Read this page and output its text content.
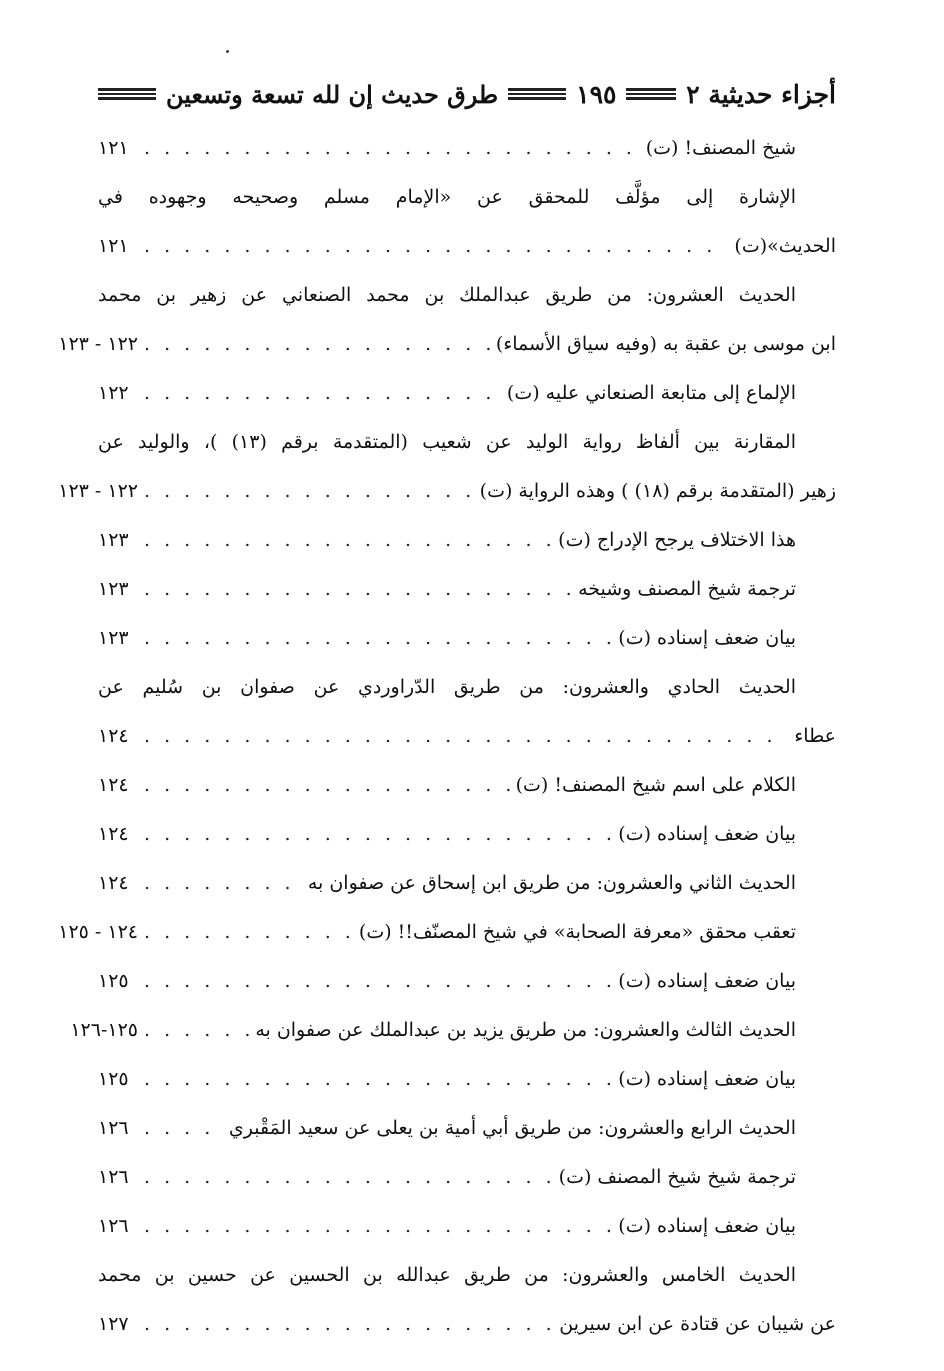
أجزاء حديثية ٢
١٩٥
طرق حديث إن لله تسعة وتسعين
شيخ المصنف! (ت)
. . .
١٢١
الإشارة إلى مؤلَّف للمحقق عن «الإمام مسلم وصحيحه وجهوده في
الحديث»(ت)
. . .
١٢١
الحديث العشرون: من طريق عبدالملك بن محمد الصنعاني عن زهير بن محمد
ابن موسى بن عقبة به (وفيه سياق الأسماء)
. . .
١٢٢ - ١٢٣
الإلماع إلى متابعة الصنعاني عليه (ت)
. . .
١٢٢
المقارنة بين ألفاظ رواية الوليد عن شعيب (المتقدمة برقم (١٣) )، والوليد عن
زهير (المتقدمة برقم (١٨) ) وهذه الرواية (ت)
. . .
١٢٢ - ١٢٣
هذا الاختلاف يرجح الإدراج (ت)
. . .
١٢٣
ترجمة شيخ المصنف وشيخه
. . .
١٢٣
بيان ضعف إسناده (ت)
. . .
١٢٣
الحديث الحادي والعشرون: من طريق الدّراوردي عن صفوان بن سُليم عن
عطاء
. . .
١٢٤
الكلام على اسم شيخ المصنف! (ت)
. . .
١٢٤
بيان ضعف إسناده (ت)
. . .
١٢٤
الحديث الثاني والعشرون: من طريق ابن إسحاق عن صفوان به
. . .
١٢٤
تعقب محقق «معرفة الصحابة» في شيخ المصنّف!! (ت)
. . .
١٢٤ - ١٢٥
بيان ضعف إسناده (ت)
. . .
١٢٥
الحديث الثالث والعشرون: من طريق يزيد بن عبدالملك عن صفوان به
. . .
١٢٥-١٢٦
بيان ضعف إسناده (ت)
. . .
١٢٥
الحديث الرابع والعشرون: من طريق أبي أمية بن يعلى عن سعيد المَقْبري
. . .
١٢٦
ترجمة شيخ شيخ المصنف (ت)
. . .
١٢٦
بيان ضعف إسناده (ت)
. . .
١٢٦
الحديث الخامس والعشرون: من طريق عبدالله بن الحسين عن حسين بن محمد
عن شيبان عن قتادة عن ابن سيرين
. . .
١٢٧
